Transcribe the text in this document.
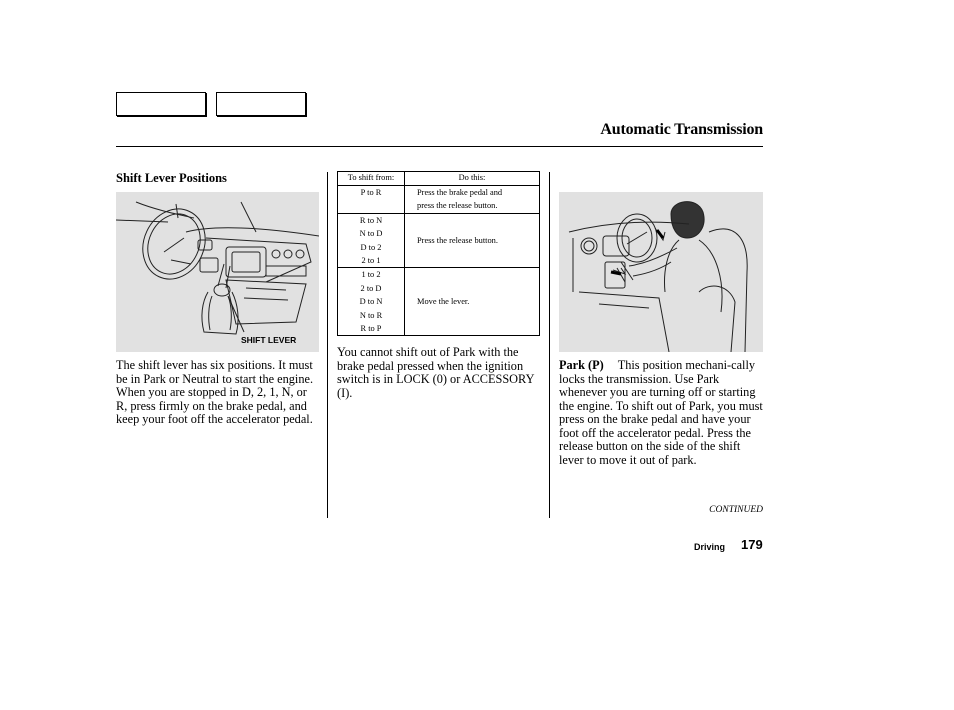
Automatic Transmission
Shift Lever Positions
SHIFT LEVER
The shift lever has six positions. It must be in Park or Neutral to start the engine. When you are stopped in D, 2, 1, N, or R, press firmly on the brake pedal, and keep your foot off the accelerator pedal.
To shift from:	Do this:

P to R	Press the brake pedal and
press the release button.

R to N
N to D
D to 2
2 to 1	Press the release button.

1 to 2
2 to D
D to N
N to R
R to P	Move the lever.
You cannot shift out of Park with the brake pedal pressed when the ignition switch is in LOCK (0) or ACCESSORY (I).
Park (P) This position mechani-cally locks the transmission. Use Park whenever you are turning off or starting the engine. To shift out of Park, you must press on the brake pedal and have your foot off the accelerator pedal. Press the release button on the side of the shift lever to move it out of park.
CONTINUED
Driving 179
